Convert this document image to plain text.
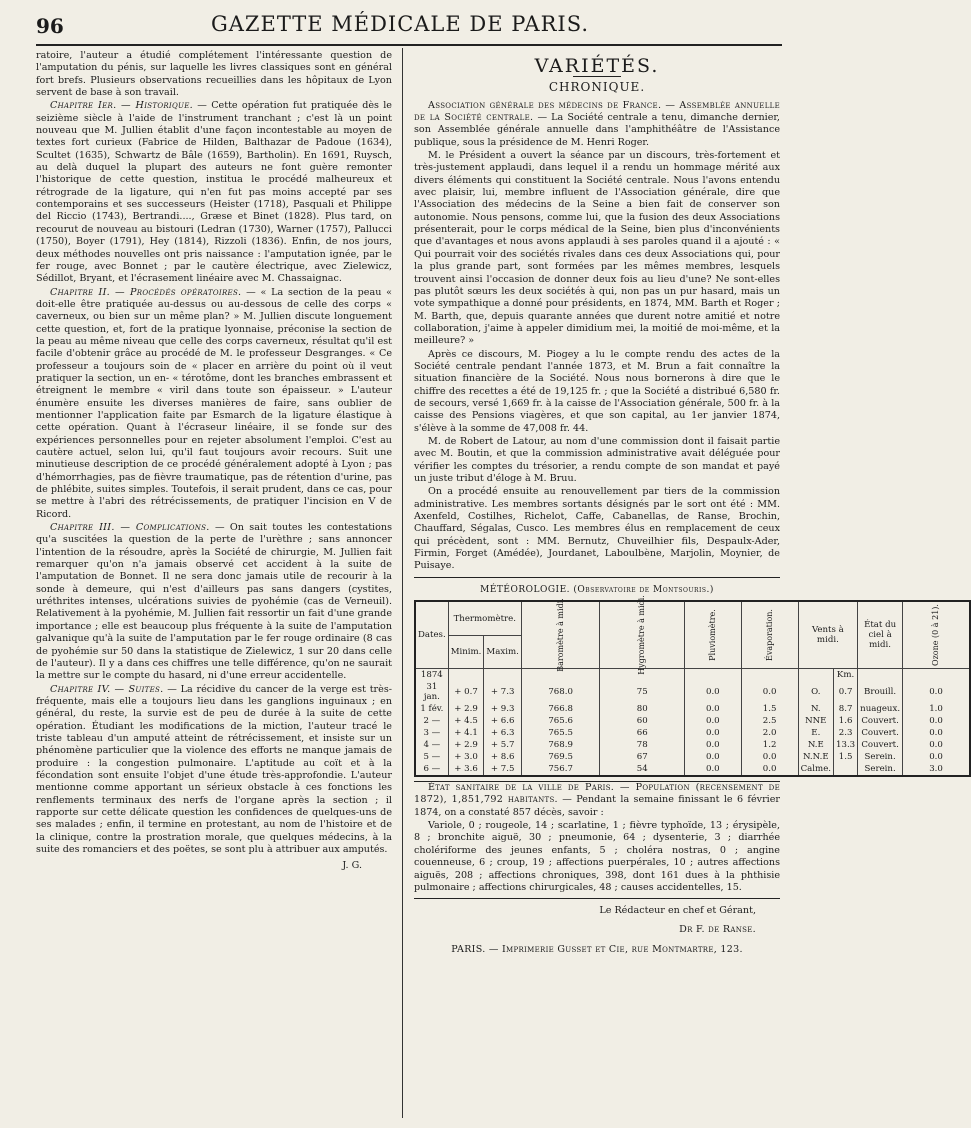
96	GAZETTE MÉDICALE DE PARIS.

ratoire, l'auteur a étudié complétement l'intéressante question de l'amputation du pénis, sur laquelle les livres classiques sont en général fort brefs. Plusieurs observations recueillies dans les hôpitaux de Lyon servent de base à son travail.

Chapitre Ier. — Historique. — Cette opération fut pratiquée dès le seizième siècle à l'aide de l'instrument tranchant ; c'est là un point nouveau que M. Jullien établit d'une façon incontestable au moyen de textes fort curieux (Fabrice de Hilden, Balthazar de Padoue (1634), Scultet (1635), Schwartz de Bâle (1659), Bartholin). En 1691, Ruysch, au delà duquel la plupart des auteurs ne font guère remonter l'historique de cette question, institua le procédé malheureux et rétrograde de la ligature, qui n'en fut pas moins accepté par ses contemporains et ses successeurs (Heister (1718), Pasquali et Philippe del Riccio (1743), Bertrandi...., Græse et Binet (1828). Plus tard, on recourut de nouveau au bistouri (Ledran (1730), Warner (1757), Pallucci (1750), Boyer (1791), Hey (1814), Rizzoli (1836). Enfin, de nos jours, deux méthodes nouvelles ont pris naissance : l'amputation ignée, par le fer rouge, avec Bonnet ; par le cautère électrique, avec Zielewicz, Sédillot, Bryant, et l'écrasement linéaire avec M. Chassaignac.

Chapitre II. — Procédés opératoires. — « La section de la peau « doit-elle être pratiquée au-dessus ou au-dessous de celle des corps « caverneux, ou bien sur un même plan? » M. Jullien discute longuement cette question, et, fort de la pratique lyonnaise, préconise la section de la peau au même niveau que celle des corps caverneux, résultat qu'il est facile d'obtenir grâce au procédé de M. le professeur Desgranges. « Ce professeur a toujours soin de « placer en arrière du point où il veut pratiquer la section, un en- « térotôme, dont les branches embrassent et étreignent le membre « viril dans toute son épaisseur. » L'auteur énumère ensuite les diverses manières de faire, sans oublier de mentionner l'application faite par Esmarch de la ligature élastique à cette opération. Quant à l'écraseur linéaire, il se fonde sur des expériences personnelles pour en rejeter absolument l'emploi. C'est au cautère actuel, selon lui, qu'il faut toujours avoir recours. Suit une minutieuse description de ce procédé généralement adopté à Lyon ; pas d'hémorrhagies, pas de fièvre traumatique, pas de rétention d'urine, pas de phlébite, suites simples. Toutefois, il serait prudent, dans ce cas, pour se mettre à l'abri des rétrécissements, de pratiquer l'incision en V de Ricord.

Chapitre III. — Complications. — On sait toutes les contestations qu'a suscitées la question de la perte de l'urèthre ; sans annoncer l'intention de la résoudre, après la Société de chirurgie, M. Jullien fait remarquer qu'on n'a jamais observé cet accident à la suite de l'amputation de Bonnet. Il ne sera donc jamais utile de recourir à la sonde à demeure, qui n'est d'ailleurs pas sans dangers (cystites, uréthrites intenses, ulcérations suivies de pyohémie (cas de Verneuil). Relativement à la pyohémie, M. Jullien fait ressortir un fait d'une grande importance ; elle est beaucoup plus fréquente à la suite de l'amputation galvanique qu'à la suite de l'amputation par le fer rouge ordinaire (8 cas de pyohémie sur 50 dans la statistique de Zielewicz, 1 sur 20 dans celle de l'auteur). Il y a dans ces chiffres une telle différence, qu'on ne saurait la mettre sur le compte du hasard, ni d'une erreur accidentelle.

Chapitre IV. — Suites. — La récidive du cancer de la verge est très-fréquente, mais elle a toujours lieu dans les ganglions inguinaux ; en général, du reste, la survie est de peu de durée à la suite de cette opération. Étudiant les modifications de la miction, l'auteur tracé le triste tableau d'un amputé atteint de rétrécissement, et insiste sur un phénomène particulier que la violence des efforts ne manque jamais de produire : la congestion pulmonaire. L'aptitude au coït et à la fécondation sont ensuite l'objet d'une étude très-approfondie. L'auteur mentionne comme apportant un sérieux obstacle à ces fonctions les renflements terminaux des nerfs de l'organe après la section ; il rapporte sur cette délicate question les confidences de quelques-uns de ses malades ; enfin, il termine en protestant, au nom de l'histoire et de la clinique, contre la prostration morale, que quelques médecins, à la suite des romanciers et des poëtes, se sont plu à attribuer aux amputés.

J. G.
VARIÉTÉS.
CHRONIQUE.

Association générale des médecins de France. — Assemblée annuelle de la Société centrale. — La Société centrale a tenu, dimanche dernier, son Assemblée générale annuelle dans l'amphithéâtre de l'Assistance publique, sous la présidence de M. Henri Roger.

M. le Président a ouvert la séance par un discours, très-fortement et très-justement applaudi, dans lequel il a rendu un hommage mérité aux divers éléments qui constituent la Société centrale. Nous l'avons entendu avec plaisir, lui, membre influent de l'Association générale, dire que l'Association des médecins de la Seine a bien fait de conserver son autonomie. Nous pensons, comme lui, que la fusion des deux Associations présenterait, pour le corps médical de la Seine, bien plus d'inconvénients que d'avantages et nous avons applaudi à ses paroles quand il a ajouté : « Qui pourrait voir des sociétés rivales dans ces deux Associations qui, pour la plus grande part, sont formées par les mêmes membres, lesquels trouvent ainsi l'occasion de donner deux fois au lieu d'une? Ne sont-elles pas plutôt sœurs les deux sociétés à qui, non pas un pur hasard, mais un vote sympathique a donné pour présidents, en 1874, MM. Barth et Roger ; M. Barth, que, depuis quarante années que durent notre amitié et notre collaboration, j'aime à appeler dimidium mei, la moitié de moi-même, et la meilleure? »

Après ce discours, M. Piogey a lu le compte rendu des actes de la Société centrale pendant l'année 1873, et M. Brun a fait connaître la situation financière de la Société. Nous nous bornerons à dire que le chiffre des recettes a été de 19,125 fr. ; que la Société a distribué 6,580 fr. de secours, versé 1,669 fr. à la caisse de l'Association générale, 500 fr. à la caisse des Pensions viagères, et que son capital, au 1er janvier 1874, s'élève à la somme de 47,008 fr. 44.

M. de Robert de Latour, au nom d'une commission dont il faisait partie avec M. Boutin, et que la commission administrative avait déléguée pour vérifier les comptes du trésorier, a rendu compte de son mandat et payé un juste tribut d'éloge à M. Bruu.

On a procédé ensuite au renouvellement par tiers de la commission administrative. Les membres sortants désignés par le sort ont été : MM. Axenfeld, Costilhes, Richelot, Caffe, Cabanellas, de Ranse, Brochin, Chauffard, Ségalas, Cusco. Les membres élus en remplacement de ceux qui précèdent, sont : MM. Bernutz, Chuveilhier fils, Despaulx-Ader, Firmin, Forget (Amédée), Jourdanet, Laboulbène, Marjolin, Moynier, de Puisaye.

MÉTÉOROLOGIE. (Observatoire de Montsouris.)
Dates.	Thermomètre.		Baromètre à midi.	Hygromètre à midi.	Pluviomètre.	Évaporation.	Vents à midi.		État du ciel à midi.	Ozone (0 à 21).
	Minim.	Maxim.								
1874								Km.		
31 jan.	+ 0.7	+ 7.3	768.0	75	0.0	0.0	O.	0.7	Brouill.	0.0
1 fév.	+ 2.9	+ 9.3	766.8	80	0.0	1.5	N.	8.7	nuageux.	1.0
2 —	+ 4.5	+ 6.6	765.6	60	0.0	2.5	NNE	1.6	Couvert.	0.0
3 —	+ 4.1	+ 6.3	765.5	66	0.0	2.0	E.	2.3	Couvert.	0.0
4 —	+ 2.9	+ 5.7	768.9	78	0.0	1.2	N.E	13.3	Couvert.	0.0
5 —	+ 3.0	+ 8.6	769.5	67	0.0	0.0	N.N.E	1.5	Serein.	0.0
6 —	+ 3.6	+ 7.5	756.7	54	0.0	0.0	Calme.		Serein.	3.0

État sanitaire de la ville de Paris. — Population (recensement de 1872), 1,851,792 habitants. — Pendant la semaine finissant le 6 février 1874, on a constaté 857 décès, savoir :

Variole, 0 ; rougeole, 14 ; scarlatine, 1 ; fièvre typhoïde, 13 ; érysipèle, 8 ; bronchite aiguë, 30 ; pneumonie, 64 ; dysenterie, 3 ; diarrhée cholériforme des jeunes enfants, 5 ; choléra nostras, 0 ; angine couenneuse, 6 ; croup, 19 ; affections puerpérales, 10 ; autres affections aiguës, 208 ; affections chroniques, 398, dont 161 dues à la phthisie pulmonaire ; affections chirurgicales, 48 ; causes accidentelles, 15.

Le Rédacteur en chef et Gérant,
Dr F. de Ranse.
PARIS. — Imprimerie Gusset et Cie, rue Montmartre, 123.
